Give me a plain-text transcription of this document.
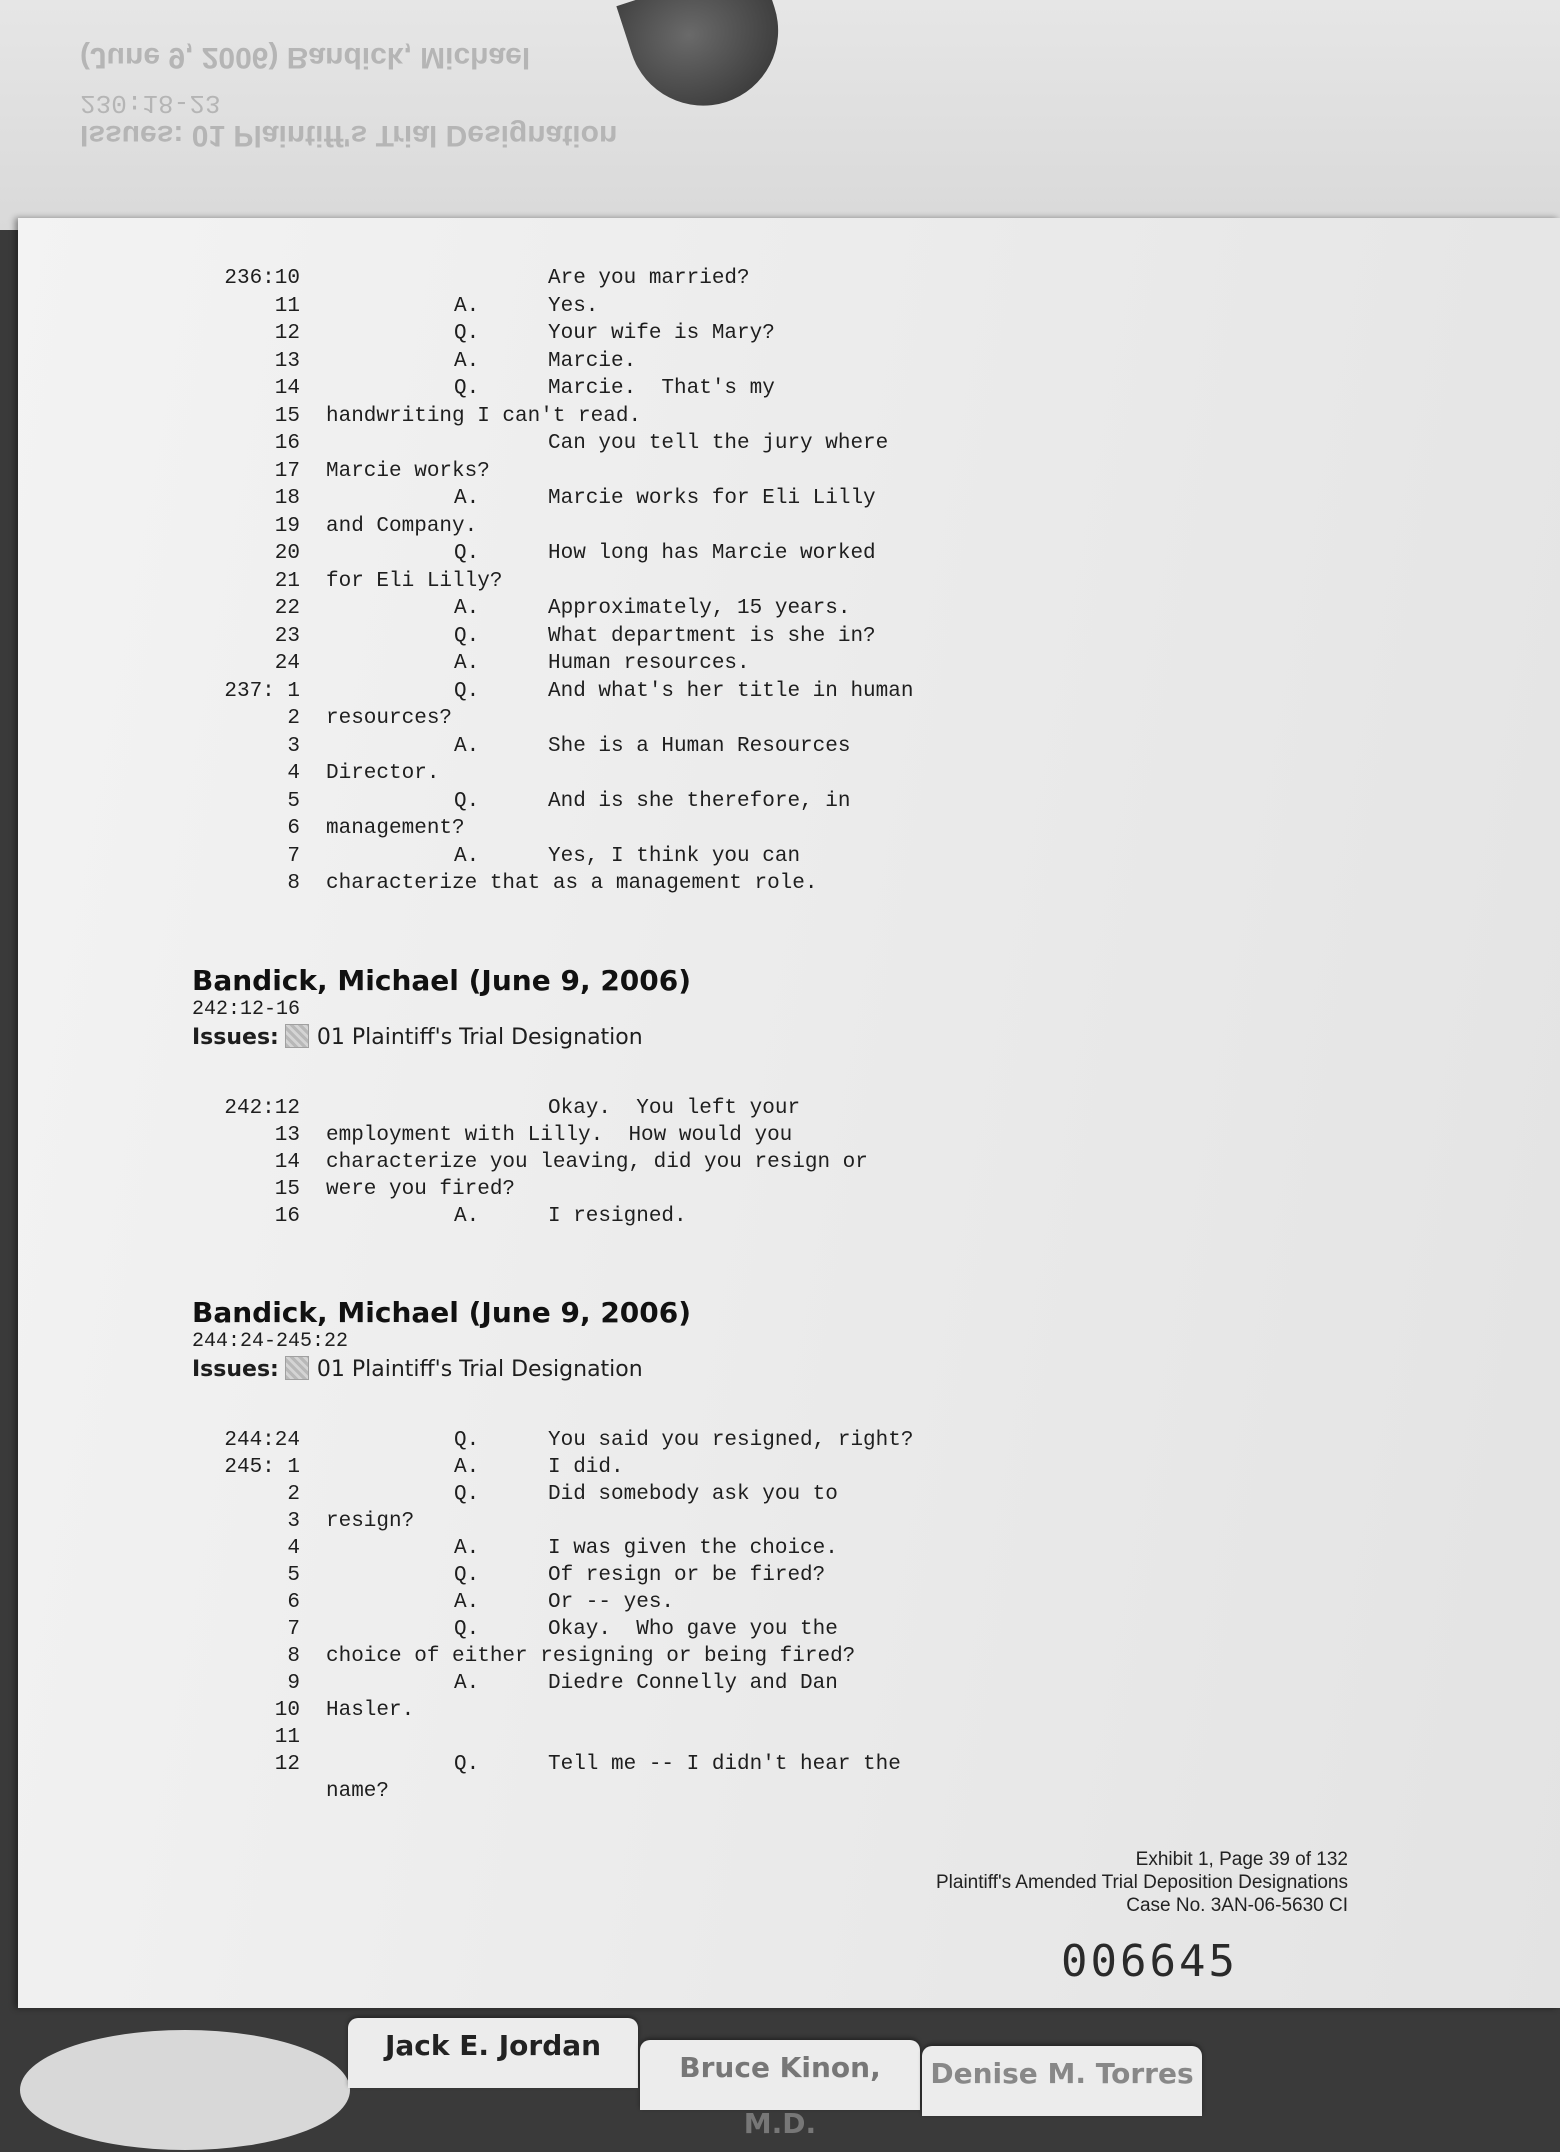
(June 9, 2006) Bandick, Michael
230:18-23
Issues: 01 Plaintiff's Trial Designation
236:10	Are you married?
11	A.	Yes.
12	Q.	Your wife is Mary?
13	A.	Marcie.
14	Q.	Marcie.  That's my
15 handwriting I can't read.
16	Can you tell the jury where
17 Marcie works?
18	A.	Marcie works for Eli Lilly
19 and Company.
20	Q.	How long has Marcie worked
21 for Eli Lilly?
22	A.	Approximately, 15 years.
23	Q.	What department is she in?
24	A.	Human resources.
237: 1	Q.	And what's her title in human
2 resources?
3	A.	She is a Human Resources
4 Director.
5	Q.	And is she therefore, in
6 management?
7	A.	Yes, I think you can
8 characterize that as a management role.
Bandick, Michael (June 9, 2006)
242:12-16
Issues: 01 Plaintiff's Trial Designation
242:12	Okay.  You left your
13 employment with Lilly.  How would you
14 characterize you leaving, did you resign or
15 were you fired?
16	A.	I resigned.
Bandick, Michael (June 9, 2006)
244:24-245:22
Issues: 01 Plaintiff's Trial Designation
244:24	Q.	You said you resigned, right?
245: 1	A.	I did.
2	Q.	Did somebody ask you to
3 resign?
4	A.	I was given the choice.
5	Q.	Of resign or be fired?
6	A.	Or -- yes.
7	Q.	Okay.  Who gave you the
8 choice of either resigning or being fired?
9	A.	Diedre Connelly and Dan
10 Hasler.
11
12	Q.	Tell me -- I didn't hear the
name?
Exhibit 1, Page 39 of 132
Plaintiff's Amended Trial Deposition Designations
Case No. 3AN-06-5630 CI
006645
Jack E. Jordan
Bruce Kinon, M.D.
Denise M. Torres
